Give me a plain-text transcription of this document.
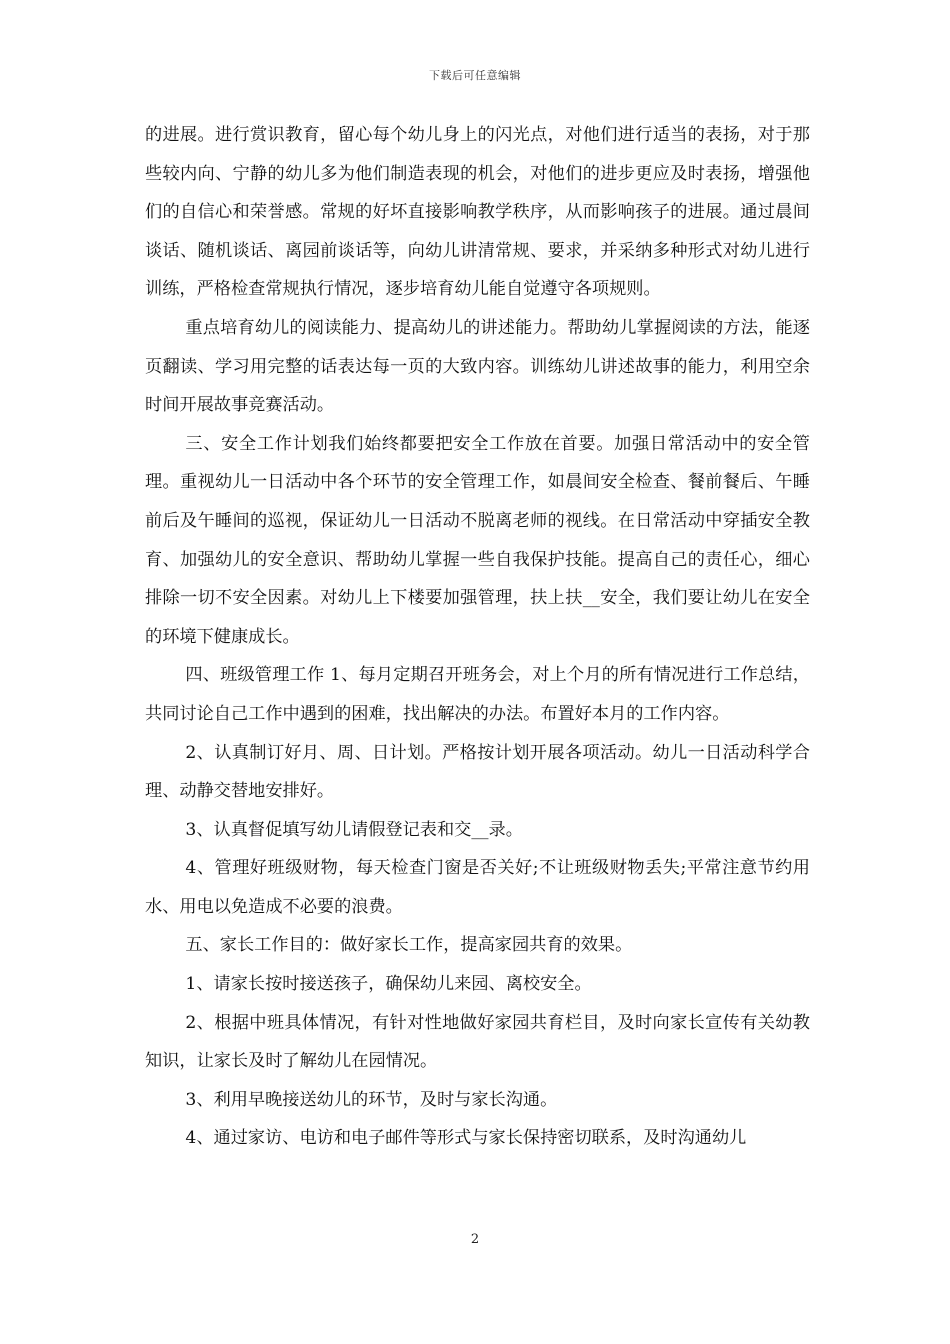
下载后可任意编辑

的进展。进行赏识教育，留心每个幼儿身上的闪光点，对他们进行适当的表扬，对于那些较内向、宁静的幼儿多为他们制造表现的机会，对他们的进步更应及时表扬，增强他们的自信心和荣誉感。常规的好坏直接影响教学秩序，从而影响孩子的进展。通过晨间谈话、随机谈话、离园前谈话等，向幼儿讲清常规、要求，并采纳多种形式对幼儿进行训练，严格检查常规执行情况，逐步培育幼儿能自觉遵守各项规则。

重点培育幼儿的阅读能力、提高幼儿的讲述能力。帮助幼儿掌握阅读的方法，能逐页翻读、学习用完整的话表达每一页的大致内容。训练幼儿讲述故事的能力，利用空余时间开展故事竞赛活动。

三、安全工作计划我们始终都要把安全工作放在首要。加强日常活动中的安全管理。重视幼儿一日活动中各个环节的安全管理工作，如晨间安全检查、餐前餐后、午睡前后及午睡间的巡视，保证幼儿一日活动不脱离老师的视线。在日常活动中穿插安全教育、加强幼儿的安全意识、帮助幼儿掌握一些自我保护技能。提高自己的责任心，细心排除一切不安全因素。对幼儿上下楼要加强管理，扶上扶__安全，我们要让幼儿在安全的环境下健康成长。

四、班级管理工作 1、每月定期召开班务会，对上个月的所有情况进行工作总结，共同讨论自己工作中遇到的困难，找出解决的办法。布置好本月的工作内容。

2、认真制订好月、周、日计划。严格按计划开展各项活动。幼儿一日活动科学合理、动静交替地安排好。

3、认真督促填写幼儿请假登记表和交__录。

4、管理好班级财物，每天检查门窗是否关好;不让班级财物丢失;平常注意节约用水、用电以免造成不必要的浪费。

五、家长工作目的：做好家长工作，提高家园共育的效果。

1、请家长按时接送孩子，确保幼儿来园、离校安全。

2、根据中班具体情况，有针对性地做好家园共育栏目，及时向家长宣传有关幼教知识，让家长及时了解幼儿在园情况。

3、利用早晚接送幼儿的环节，及时与家长沟通。

4、通过家访、电访和电子邮件等形式与家长保持密切联系，及时沟通幼儿

2
